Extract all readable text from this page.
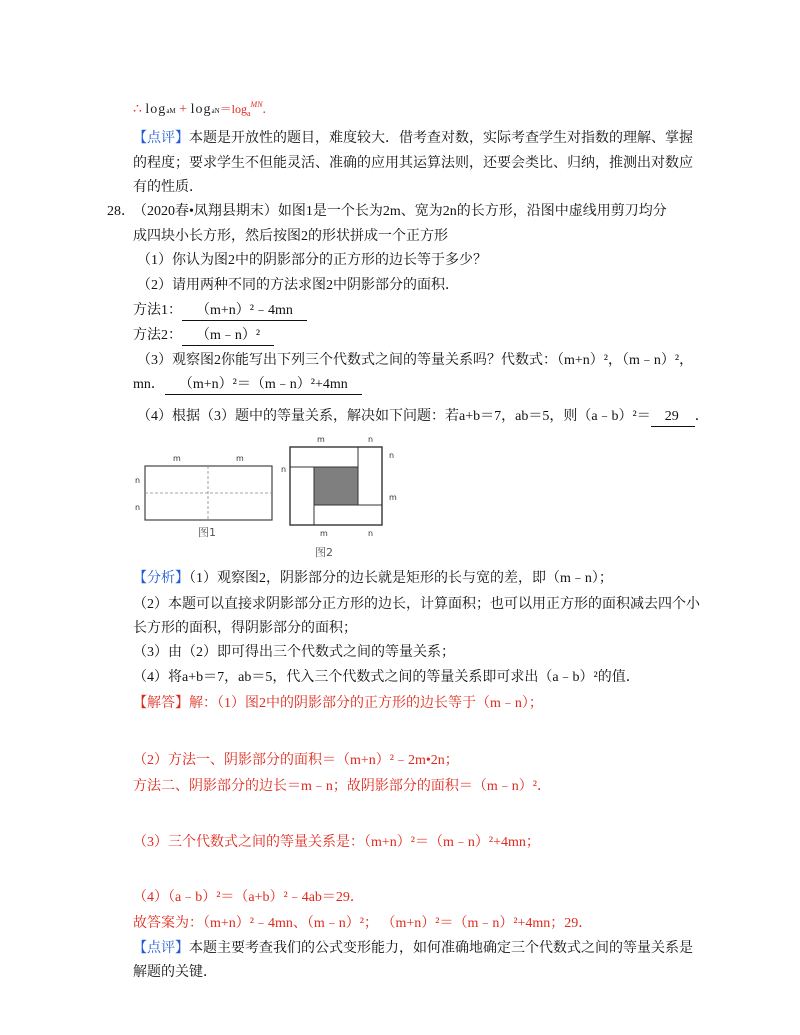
∴ logaM + $logaN=\log_a^{MN}$.
【点评】本题是开放性的题目，难度较大．借考查对数，实际考查学生对指数的理解、掌握
的程度；要求学生不但能灵活、准确的应用其运算法则，还要会类比、归纳，推测出对数应
有的性质．
28．
（2020春•凤翔县期末）如图1是一个长为2m、宽为2n的长方形，沿图中虚线用剪刀均分
成四块小长方形，然后按图2的形状拼成一个正方形
（1）你认为图2中的阴影部分的正方形的边长等于多少？
（2）请用两种不同的方法求图2中阴影部分的面积．
方法1： （m+n）²﹣4mn
方法2： （m﹣n）²
（3）观察图2你能写出下列三个代数式之间的等量关系吗？代数式：（m+n）²，（m﹣n）²，
mn． （m+n）²＝（m﹣n）²+4mn
（4）根据（3）题中的等量关系，解决如下问题：若a+b＝7，ab＝5，则（a﹣b）²＝ 29 ．
m	m
n
n
图1
m	n
n
m
n
m	n
图2
【分析】（1）观察图2，阴影部分的边长就是矩形的长与宽的差，即（m﹣n）；
（2）本题可以直接求阴影部分正方形的边长，计算面积；也可以用正方形的面积减去四个小
长方形的面积，得阴影部分的面积；
（3）由（2）即可得出三个代数式之间的等量关系；
（4）将a+b＝7，ab＝5，代入三个代数式之间的等量关系即可求出（a﹣b）²的值．
【解答】解：（1）图2中的阴影部分的正方形的边长等于（m﹣n）；
（2）方法一、阴影部分的面积＝（m+n）²﹣2m•2n；
方法二、阴影部分的边长＝m﹣n；故阴影部分的面积＝（m﹣n）²．
（3）三个代数式之间的等量关系是：（m+n）²＝（m﹣n）²+4mn；
（4）（a﹣b）²＝（a+b）²﹣4ab＝29．
故答案为：（m+n）²﹣4mn、（m﹣n）²； （m+n）²＝（m﹣n）²+4mn；29．
【点评】本题主要考查我们的公式变形能力，如何准确地确定三个代数式之间的等量关系是
解题的关键．
